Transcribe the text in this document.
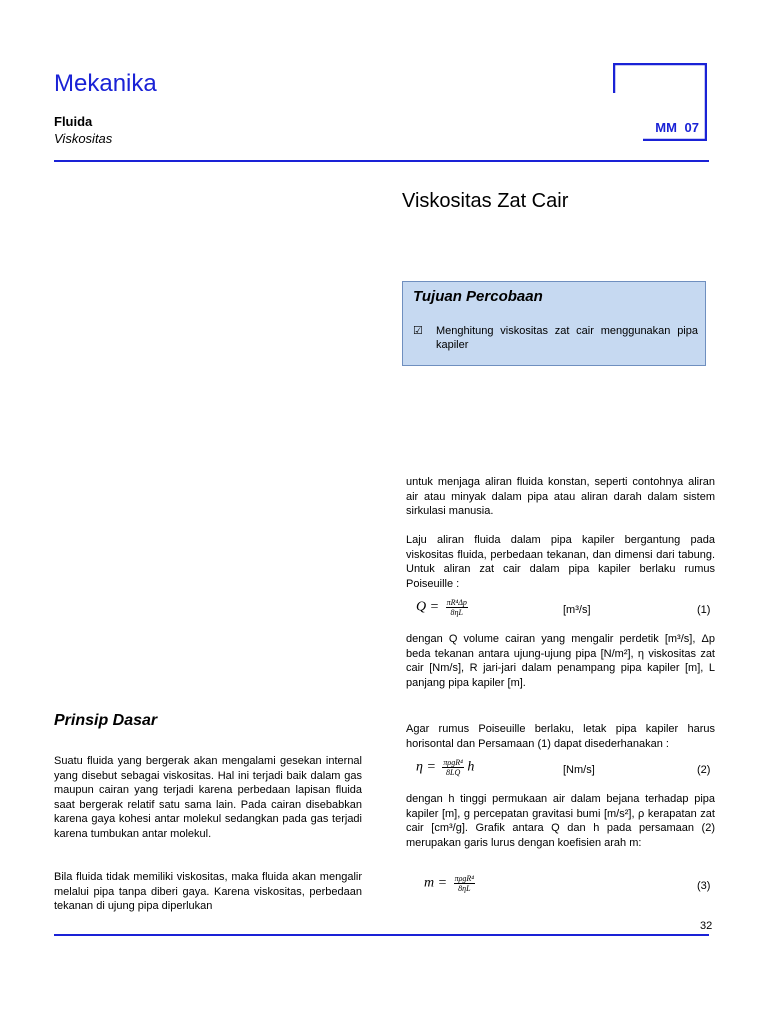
Mekanika
Fluida
Viskositas
MM 07
Viskositas Zat Cair
Tujuan Percobaan
☑ Menghitung viskositas zat cair menggunakan pipa kapiler
Prinsip Dasar
Suatu fluida yang bergerak akan mengalami gesekan internal yang disebut sebagai viskositas. Hal ini terjadi baik dalam gas maupun cairan yang terjadi karena perbedaan lapisan fluida saat bergerak relatif satu sama lain. Pada cairan disebabkan karena gaya kohesi antar molekul sedangkan pada gas terjadi karena tumbukan antar molekul.
Bila fluida tidak memiliki viskositas, maka fluida akan mengalir melalui pipa tanpa diberi gaya. Karena viskositas, perbedaan tekanan di ujung pipa diperlukan
untuk menjaga aliran fluida konstan, seperti contohnya aliran air atau minyak dalam pipa atau aliran darah dalam sistem sirkulasi manusia.
Laju aliran fluida dalam pipa kapiler bergantung pada viskositas fluida, perbedaan tekanan, dan dimensi dari tabung. Untuk aliran zat cair dalam pipa kapiler berlaku rumus Poiseuille :
$Q = \frac{\text{πR⁴Δp}}{8\eta L}$	[m³/s]	(1)
dengan Q volume cairan yang mengalir perdetik [m³/s], Δp beda tekanan antara ujung-ujung pipa [N/m²], η viskositas zat cair [Nm/s], R jari-jari dalam penampang pipa kapiler [m], L panjang pipa kapiler [m].
Agar rumus Poiseuille berlaku, letak pipa kapiler harus horisontal dan Persamaan (1) dapat disederhanakan :
$\eta = \frac{\text{πρgR⁴}}{8LQ}$ h	[Nm/s]	(2)
dengan h tinggi permukaan air dalam bejana terhadap pipa kapiler [m], g percepatan gravitasi bumi [m/s²], ρ kerapatan zat cair [cm³/g]. Grafik antara Q dan h pada persamaan (2) merupakan garis lurus dengan koefisien arah m:
$m = \frac{\text{πρgR⁴}}{8\eta L}$	(3)
32
